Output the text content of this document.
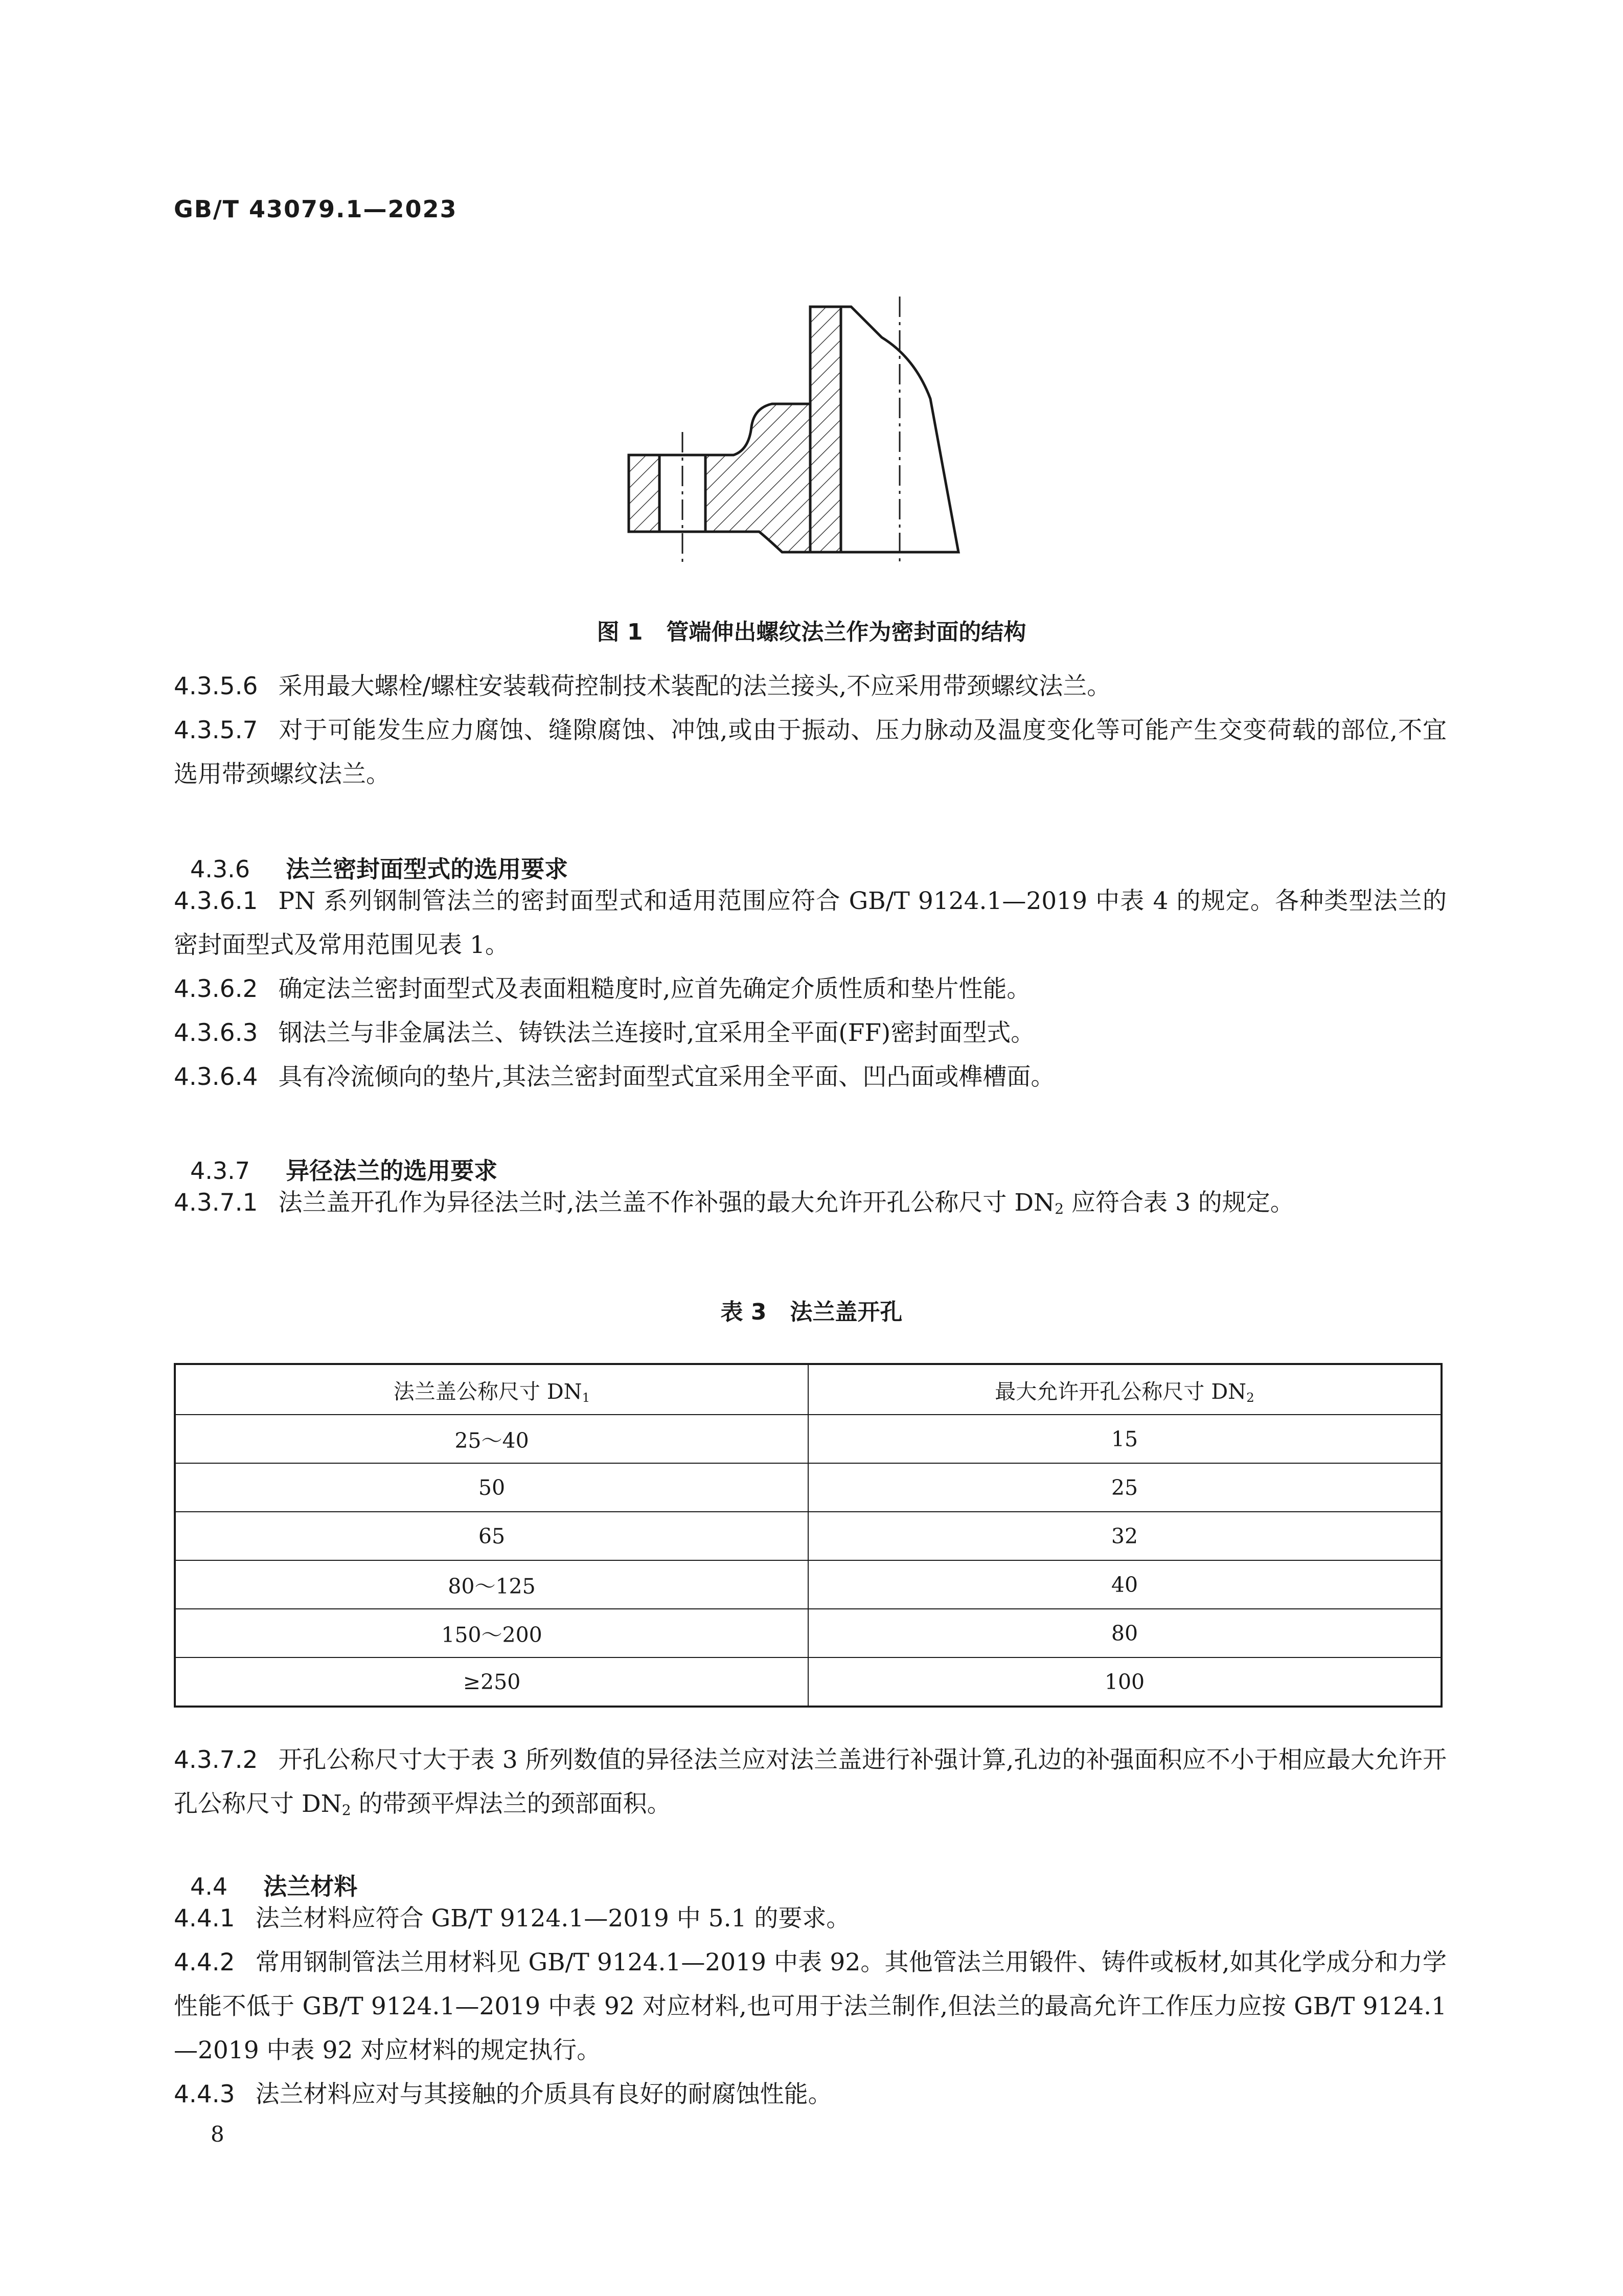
GB/T 43079.1—2023
图 1   管端伸出螺纹法兰作为密封面的结构
4.3.5.6 采用最大螺栓/螺柱安装载荷控制技术装配的法兰接头,不应采用带颈螺纹法兰。
4.3.5.7 对于可能发生应力腐蚀、缝隙腐蚀、冲蚀,或由于振动、压力脉动及温度变化等可能产生交变荷载的部位,不宜选用带颈螺纹法兰。

4.3.6 法兰密封面型式的选用要求

4.3.6.1 PN 系列钢制管法兰的密封面型式和适用范围应符合 GB/T 9124.1—2019 中表 4 的规定。各种类型法兰的密封面型式及常用范围见表 1。
4.3.6.2 确定法兰密封面型式及表面粗糙度时,应首先确定介质性质和垫片性能。
4.3.6.3 钢法兰与非金属法兰、铸铁法兰连接时,宜采用全平面(FF)密封面型式。
4.3.6.4 具有冷流倾向的垫片,其法兰密封面型式宜采用全平面、凹凸面或榫槽面。

4.3.7 异径法兰的选用要求

4.3.7.1 法兰盖开孔作为异径法兰时,法兰盖不作补强的最大允许开孔公称尺寸 $DN_2$ 应符合表 3 的规定。
表 3   法兰盖开孔
法兰盖公称尺寸 $DN_1$	最大允许开孔公称尺寸 $DN_2$
25～40	15
50	25
65	32
80～125	40
150～200	80
≥250	100
4.3.7.2 开孔公称尺寸大于表 3 所列数值的异径法兰应对法兰盖进行补强计算,孔边的补强面积应不小于相应最大允许开孔公称尺寸 $DN_2$ 的带颈平焊法兰的颈部面积。

4.4 法兰材料

4.4.1 法兰材料应符合 GB/T 9124.1—2019 中 5.1 的要求。
4.4.2 常用钢制管法兰用材料见 GB/T 9124.1—2019 中表 92。其他管法兰用锻件、铸件或板材,如其化学成分和力学性能不低于 GB/T 9124.1—2019 中表 92 对应材料,也可用于法兰制作,但法兰的最高允许工作压力应按 GB/T 9124.1—2019 中表 92 对应材料的规定执行。
4.4.3 法兰材料应对与其接触的介质具有良好的耐腐蚀性能。
8
